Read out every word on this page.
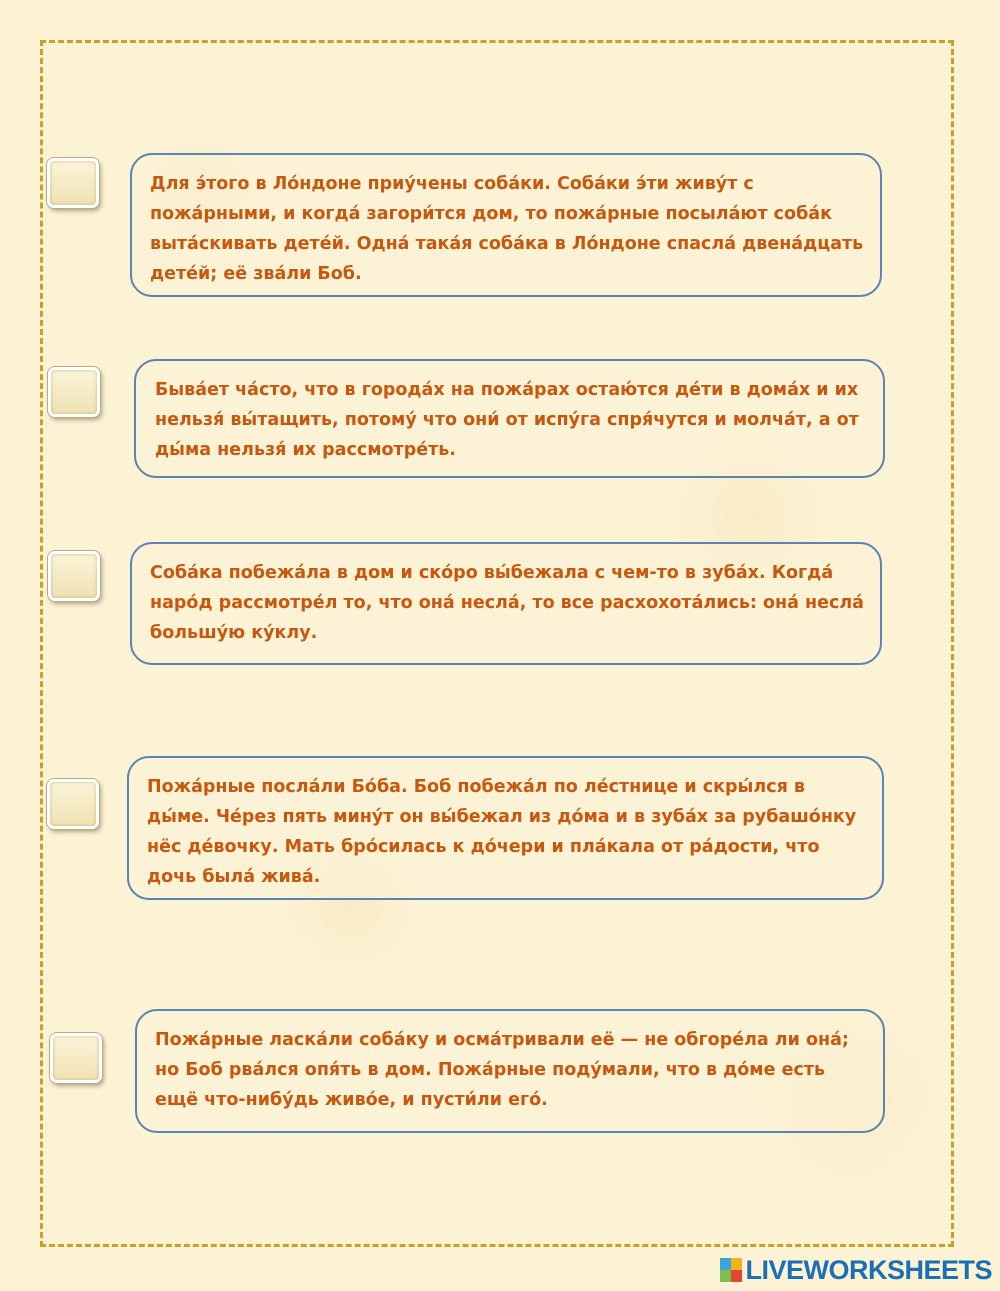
Для э́того в Ло́ндоне приу́чены соба́ки. Соба́ки э́ти живу́т с пожа́рными, и когда́ загори́тся дом, то пожа́рные посыла́ют соба́к выта́скивать дете́й. Одна́ така́я соба́ка в Ло́ндоне спасла́ двена́дцать дете́й; её зва́ли Боб.

Быва́ет ча́сто, что в города́х на пожа́рах остаю́тся де́ти в дома́х и их нельзя́ вы́тащить, потому́ что они́ от испу́га спря́чутся и молча́т, а от ды́ма нельзя́ их рассмотре́ть.

Соба́ка побежа́ла в дом и ско́ро вы́бежала с чем-то в зуба́х. Когда́ наро́д рассмотре́л то, что она́ несла́, то все расхохота́лись: она́ несла́ большу́ю ку́клу.

Пожа́рные посла́ли Бо́ба. Боб побежа́л по ле́стнице и скры́лся в ды́ме. Че́рез пять мину́т он вы́бежал из до́ма и в зуба́х за рубашо́нку нёс де́вочку. Мать бро́силась к до́чери и пла́кала от ра́дости, что дочь была́ жива́.

Пожа́рные ласка́ли соба́ку и осма́тривали её — не обгоре́ла ли она́; но Боб рва́лся опя́ть в дом. Пожа́рные поду́мали, что в до́ме есть ещё что-нибу́дь живо́е, и пусти́ли его́.

LIVEWORKSHEETS
